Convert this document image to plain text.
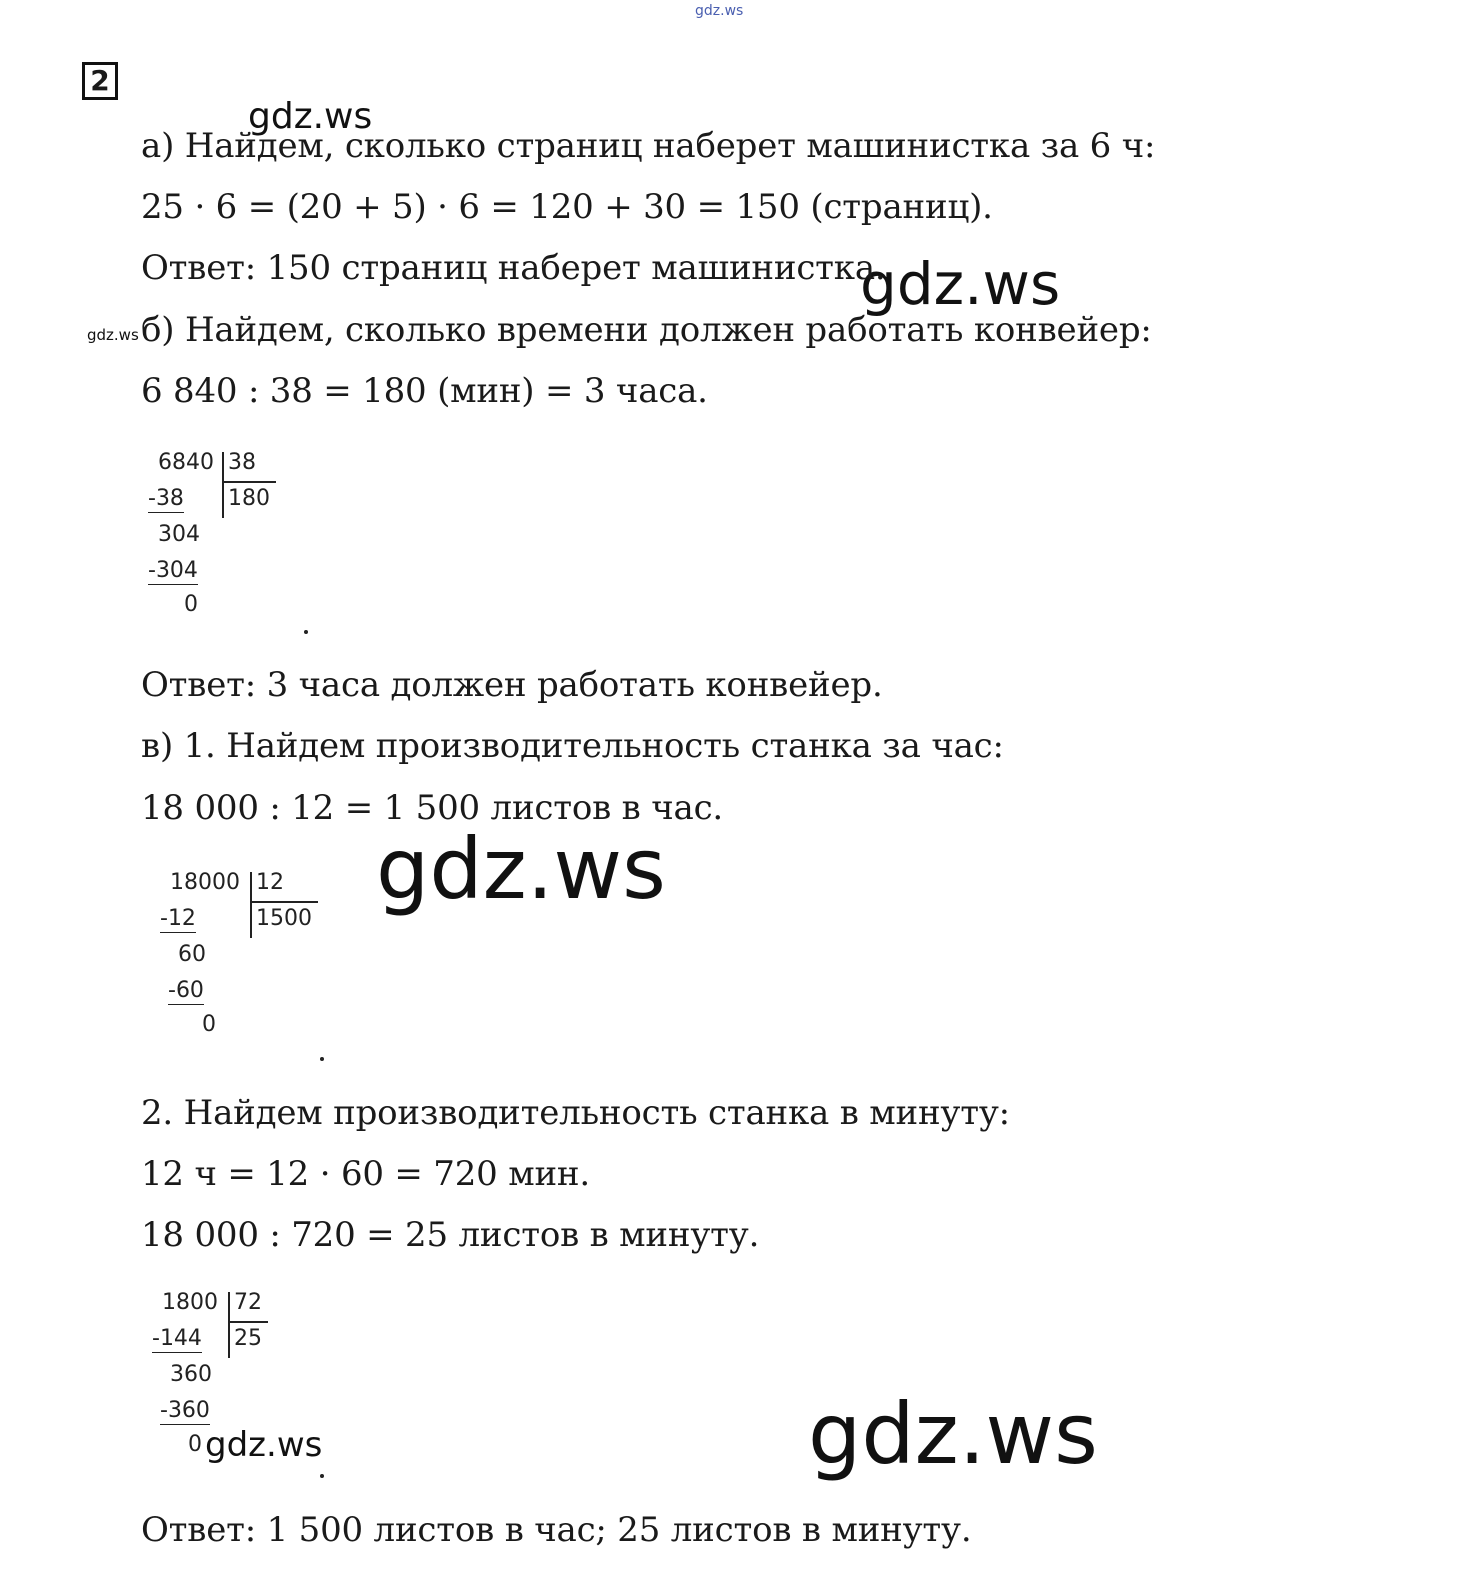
gdz.ws
gdz.ws
gdz.ws
gdz.ws
gdz.ws
gdz.ws
gdz.ws
2
а) Найдем, сколько страниц наберет машинистка за 6 ч:
25 · 6 = (20 + 5) · 6 = 120 + 30 = 150 (страниц).
Ответ: 150 страниц наберет машинистка.
б) Найдем, сколько времени должен работать конвейер:
6 840 : 38 = 180 (мин) = 3 часа.
6840 38
180
-38
304
-304
0
Ответ: 3 часа должен работать конвейер.
в) 1. Найдем производительность станка за час:
18 000 : 12 = 1 500 листов в час.
18000 12
1500
-12
60
-60
0
2. Найдем производительность станка в минуту:
12 ч = 12 · 60 = 720 мин.
18 000 : 720 = 25 листов в минуту.
1800 72
25
-144
360
-360
0
Ответ: 1 500 листов в час; 25 листов в минуту.
